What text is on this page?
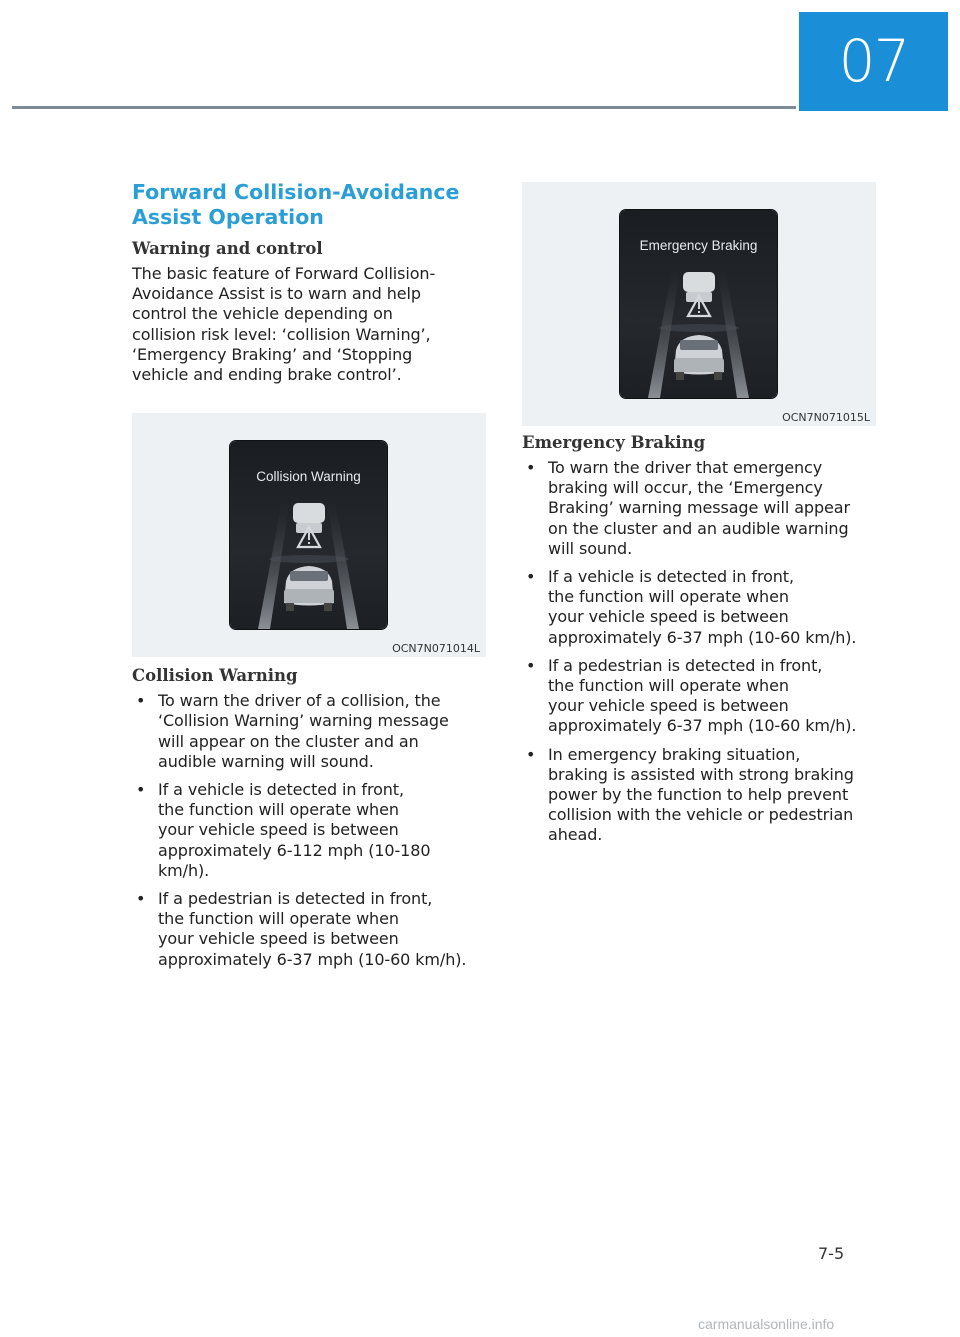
07
Forward Collision-Avoidance
Assist Operation
Warning and control
The basic feature of Forward Collision-
Avoidance Assist is to warn and help
control the vehicle depending on
collision risk level: ‘collision Warning’,
‘Emergency Braking’ and ‘Stopping
vehicle and ending brake control’.
Collision Warning
OCN7N071014L
Collision Warning
• To warn the driver of a collision, the
‘Collision Warning’ warning message
will appear on the cluster and an
audible warning will sound.
• If a vehicle is detected in front,
the function will operate when
your vehicle speed is between
approximately 6-112 mph (10-180
km/h).
• If a pedestrian is detected in front,
the function will operate when
your vehicle speed is between
approximately 6-37 mph (10-60 km/h).
Emergency Braking
OCN7N071015L
Emergency Braking
• To warn the driver that emergency
braking will occur, the ‘Emergency
Braking’ warning message will appear
on the cluster and an audible warning
will sound.
• If a vehicle is detected in front,
the function will operate when
your vehicle speed is between
approximately 6-37 mph (10-60 km/h).
• If a pedestrian is detected in front,
the function will operate when
your vehicle speed is between
approximately 6-37 mph (10-60 km/h).
• In emergency braking situation,
braking is assisted with strong braking
power by the function to help prevent
collision with the vehicle or pedestrian
ahead.
7-5
carmanualsonline.info
